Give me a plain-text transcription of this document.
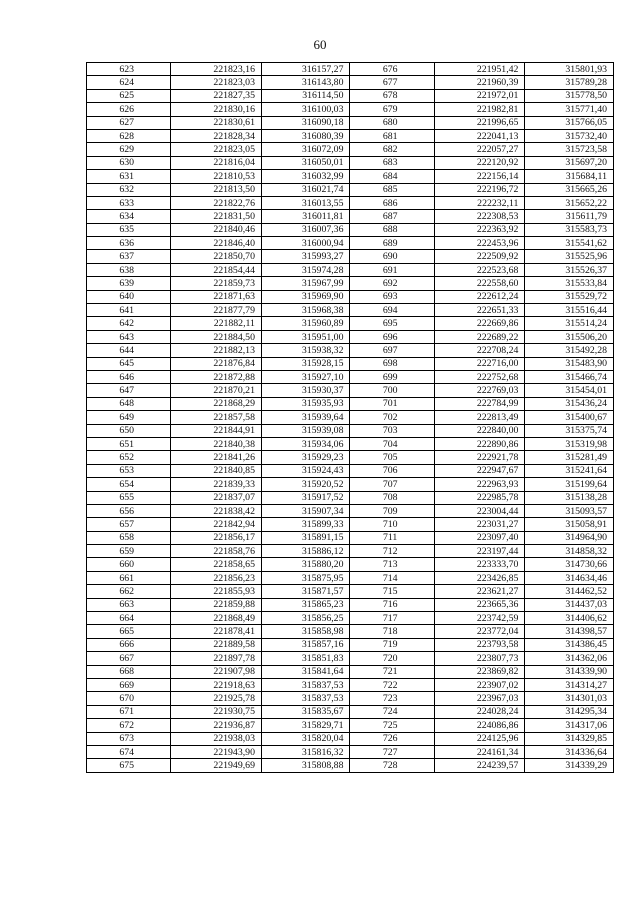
60
623	221823,16	316157,27	676	221951,42	315801,93
624	221823,03	316143,80	677	221960,39	315789,28
625	221827,35	316114,50	678	221972,01	315778,50
626	221830,16	316100,03	679	221982,81	315771,40
627	221830,61	316090,18	680	221996,65	315766,05
628	221828,34	316080,39	681	222041,13	315732,40
629	221823,05	316072,09	682	222057,27	315723,58
630	221816,04	316050,01	683	222120,92	315697,20
631	221810,53	316032,99	684	222156,14	315684,11
632	221813,50	316021,74	685	222196,72	315665,26
633	221822,76	316013,55	686	222232,11	315652,22
634	221831,50	316011,81	687	222308,53	315611,79
635	221840,46	316007,36	688	222363,92	315583,73
636	221846,40	316000,94	689	222453,96	315541,62
637	221850,70	315993,27	690	222509,92	315525,96
638	221854,44	315974,28	691	222523,68	315526,37
639	221859,73	315967,99	692	222558,60	315533,84
640	221871,63	315969,90	693	222612,24	315529,72
641	221877,79	315968,38	694	222651,33	315516,44
642	221882,11	315960,89	695	222669,86	315514,24
643	221884,50	315951,00	696	222689,22	315506,20
644	221882,13	315938,32	697	222708,24	315492,28
645	221876,84	315928,15	698	222716,00	315483,90
646	221872,88	315927,10	699	222752,68	315466,74
647	221870,21	315930,37	700	222769,03	315454,01
648	221868,29	315935,93	701	222784,99	315436,24
649	221857,58	315939,64	702	222813,49	315400,67
650	221844,91	315939,08	703	222840,00	315375,74
651	221840,38	315934,06	704	222890,86	315319,98
652	221841,26	315929,23	705	222921,78	315281,49
653	221840,85	315924,43	706	222947,67	315241,64
654	221839,33	315920,52	707	222963,93	315199,64
655	221837,07	315917,52	708	222985,78	315138,28
656	221838,42	315907,34	709	223004,44	315093,57
657	221842,94	315899,33	710	223031,27	315058,91
658	221856,17	315891,15	711	223097,40	314964,90
659	221858,76	315886,12	712	223197,44	314858,32
660	221858,65	315880,20	713	223333,70	314730,66
661	221856,23	315875,95	714	223426,85	314634,46
662	221855,93	315871,57	715	223621,27	314462,52
663	221859,88	315865,23	716	223665,36	314437,03
664	221868,49	315856,25	717	223742,59	314406,62
665	221878,41	315858,98	718	223772,04	314398,57
666	221889,58	315857,16	719	223793,58	314386,45
667	221897,78	315851,83	720	223807,73	314362,06
668	221907,98	315841,64	721	223869,82	314339,90
669	221918,63	315837,53	722	223907,02	314314,27
670	221925,78	315837,53	723	223967,03	314301,03
671	221930,75	315835,67	724	224028,24	314295,34
672	221936,87	315829,71	725	224086,86	314317,06
673	221938,03	315820,04	726	224125,96	314329,85
674	221943,90	315816,32	727	224161,34	314336,64
675	221949,69	315808,88	728	224239,57	314339,29
